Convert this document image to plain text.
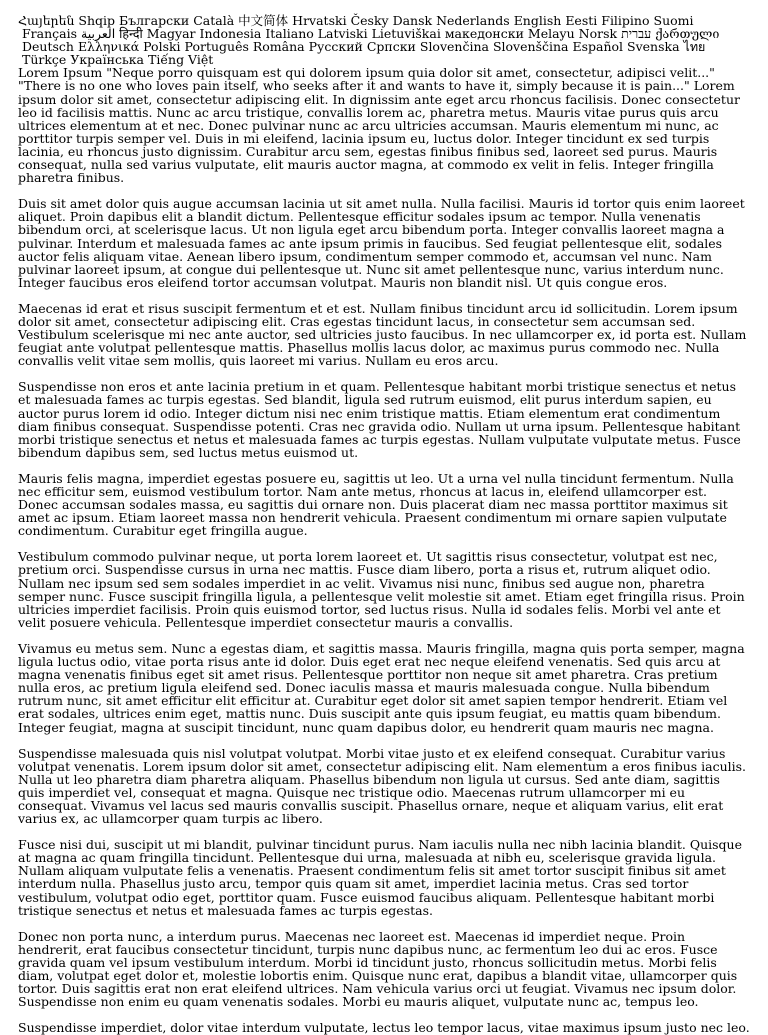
Հայերեն Shqip Български Català 中文简体 Hrvatski Česky Dansk Nederlands English Eesti Filipino Suomi Français العربية हिन्दी Magyar Indonesia Italiano Latviski Lietuviškai македонски Melayu Norsk עברית ქართული Deutsch Ελληνικά Polski Português Româna Русский Српски Slovenčina Slovenščina Español Svenska ไทย Türkçe Українська Tiếng Việt

Lorem Ipsum "Neque porro quisquam est qui dolorem ipsum quia dolor sit amet, consectetur, adipisci velit..." "There is no one who loves pain itself, who seeks after it and wants to have it, simply because it is pain..." Lorem ipsum dolor sit amet, consectetur adipiscing elit. In dignissim ante eget arcu rhoncus facilisis. Donec consectetur leo id facilisis mattis. Nunc ac arcu tristique, convallis lorem ac, pharetra metus. Mauris vitae purus quis arcu ultrices elementum at et nec. Donec pulvinar nunc ac arcu ultricies accumsan. Mauris elementum mi nunc, ac porttitor turpis semper vel. Duis in mi eleifend, lacinia ipsum eu, luctus dolor. Integer tincidunt ex sed turpis lacinia, eu rhoncus justo dignissim. Curabitur arcu sem, egestas finibus finibus sed, laoreet sed purus. Mauris consequat, nulla sed varius vulputate, elit mauris auctor magna, at commodo ex velit in felis. Integer fringilla pharetra finibus.

Duis sit amet dolor quis augue accumsan lacinia ut sit amet nulla. Nulla facilisi. Mauris id tortor quis enim laoreet aliquet. Proin dapibus elit a blandit dictum. Pellentesque efficitur sodales ipsum ac tempor. Nulla venenatis bibendum orci, at scelerisque lacus. Ut non ligula eget arcu bibendum porta. Integer convallis laoreet magna a pulvinar. Interdum et malesuada fames ac ante ipsum primis in faucibus. Sed feugiat pellentesque elit, sodales auctor felis aliquam vitae. Aenean libero ipsum, condimentum semper commodo et, accumsan vel nunc. Nam pulvinar laoreet ipsum, at congue dui pellentesque ut. Nunc sit amet pellentesque nunc, varius interdum nunc. Integer faucibus eros eleifend tortor accumsan volutpat. Mauris non blandit nisl. Ut quis congue eros.

Maecenas id erat et risus suscipit fermentum et et est. Nullam finibus tincidunt arcu id sollicitudin. Lorem ipsum dolor sit amet, consectetur adipiscing elit. Cras egestas tincidunt lacus, in consectetur sem accumsan sed. Vestibulum scelerisque mi nec ante auctor, sed ultricies justo faucibus. In nec ullamcorper ex, id porta est. Nullam feugiat ante volutpat pellentesque mattis. Phasellus mollis lacus dolor, ac maximus purus commodo nec. Nulla convallis velit vitae sem mollis, quis laoreet mi varius. Nullam eu eros arcu.

Suspendisse non eros et ante lacinia pretium in et quam. Pellentesque habitant morbi tristique senectus et netus et malesuada fames ac turpis egestas. Sed blandit, ligula sed rutrum euismod, elit purus interdum sapien, eu auctor purus lorem id odio. Integer dictum nisi nec enim tristique mattis. Etiam elementum erat condimentum diam finibus consequat. Suspendisse potenti. Cras nec gravida odio. Nullam ut urna ipsum. Pellentesque habitant morbi tristique senectus et netus et malesuada fames ac turpis egestas. Nullam vulputate vulputate metus. Fusce bibendum dapibus sem, sed luctus metus euismod ut.

Mauris felis magna, imperdiet egestas posuere eu, sagittis ut leo. Ut a urna vel nulla tincidunt fermentum. Nulla nec efficitur sem, euismod vestibulum tortor. Nam ante metus, rhoncus at lacus in, eleifend ullamcorper est. Donec accumsan sodales massa, eu sagittis dui ornare non. Duis placerat diam nec massa porttitor maximus sit amet ac ipsum. Etiam laoreet massa non hendrerit vehicula. Praesent condimentum mi ornare sapien vulputate condimentum. Curabitur eget fringilla augue.

Vestibulum commodo pulvinar neque, ut porta lorem laoreet et. Ut sagittis risus consectetur, volutpat est nec, pretium orci. Suspendisse cursus in urna nec mattis. Fusce diam libero, porta a risus et, rutrum aliquet odio. Nullam nec ipsum sed sem sodales imperdiet in ac velit. Vivamus nisi nunc, finibus sed augue non, pharetra semper nunc. Fusce suscipit fringilla ligula, a pellentesque velit molestie sit amet. Etiam eget fringilla risus. Proin ultricies imperdiet facilisis. Proin quis euismod tortor, sed luctus risus. Nulla id sodales felis. Morbi vel ante et velit posuere vehicula. Pellentesque imperdiet consectetur mauris a convallis.

Vivamus eu metus sem. Nunc a egestas diam, et sagittis massa. Mauris fringilla, magna quis porta semper, magna ligula luctus odio, vitae porta risus ante id dolor. Duis eget erat nec neque eleifend venenatis. Sed quis arcu at magna venenatis finibus eget sit amet risus. Pellentesque porttitor non neque sit amet pharetra. Cras pretium nulla eros, ac pretium ligula eleifend sed. Donec iaculis massa et mauris malesuada congue. Nulla bibendum rutrum nunc, sit amet efficitur elit efficitur at. Curabitur eget dolor sit amet sapien tempor hendrerit. Etiam vel erat sodales, ultrices enim eget, mattis nunc. Duis suscipit ante quis ipsum feugiat, eu mattis quam bibendum. Integer feugiat, magna at suscipit tincidunt, nunc quam dapibus dolor, eu hendrerit quam mauris nec magna.

Suspendisse malesuada quis nisl volutpat volutpat. Morbi vitae justo et ex eleifend consequat. Curabitur varius volutpat venenatis. Lorem ipsum dolor sit amet, consectetur adipiscing elit. Nam elementum a eros finibus iaculis. Nulla ut leo pharetra diam pharetra aliquam. Phasellus bibendum non ligula ut cursus. Sed ante diam, sagittis quis imperdiet vel, consequat et magna. Quisque nec tristique odio. Maecenas rutrum ullamcorper mi eu consequat. Vivamus vel lacus sed mauris convallis suscipit. Phasellus ornare, neque et aliquam varius, elit erat varius ex, ac ullamcorper quam turpis ac libero.

Fusce nisi dui, suscipit ut mi blandit, pulvinar tincidunt purus. Nam iaculis nulla nec nibh lacinia blandit. Quisque at magna ac quam fringilla tincidunt. Pellentesque dui urna, malesuada at nibh eu, scelerisque gravida ligula. Nullam aliquam vulputate felis a venenatis. Praesent condimentum felis sit amet tortor suscipit finibus sit amet interdum nulla. Phasellus justo arcu, tempor quis quam sit amet, imperdiet lacinia metus. Cras sed tortor vestibulum, volutpat odio eget, porttitor quam. Fusce euismod faucibus aliquam. Pellentesque habitant morbi tristique senectus et netus et malesuada fames ac turpis egestas.

Donec non porta nunc, a interdum purus. Maecenas nec laoreet est. Maecenas id imperdiet neque. Proin hendrerit, erat faucibus consectetur tincidunt, turpis nunc dapibus nunc, ac fermentum leo dui ac eros. Fusce gravida quam vel ipsum vestibulum interdum. Morbi id tincidunt justo, rhoncus sollicitudin metus. Morbi felis diam, volutpat eget dolor et, molestie lobortis enim. Quisque nunc erat, dapibus a blandit vitae, ullamcorper quis tortor. Duis sagittis erat non erat eleifend ultrices. Nam vehicula varius orci ut feugiat. Vivamus nec ipsum dolor. Suspendisse non enim eu quam venenatis sodales. Morbi eu mauris aliquet, vulputate nunc ac, tempus leo.

Suspendisse imperdiet, dolor vitae interdum vulputate, lectus leo tempor lacus, vitae maximus ipsum justo nec leo.
